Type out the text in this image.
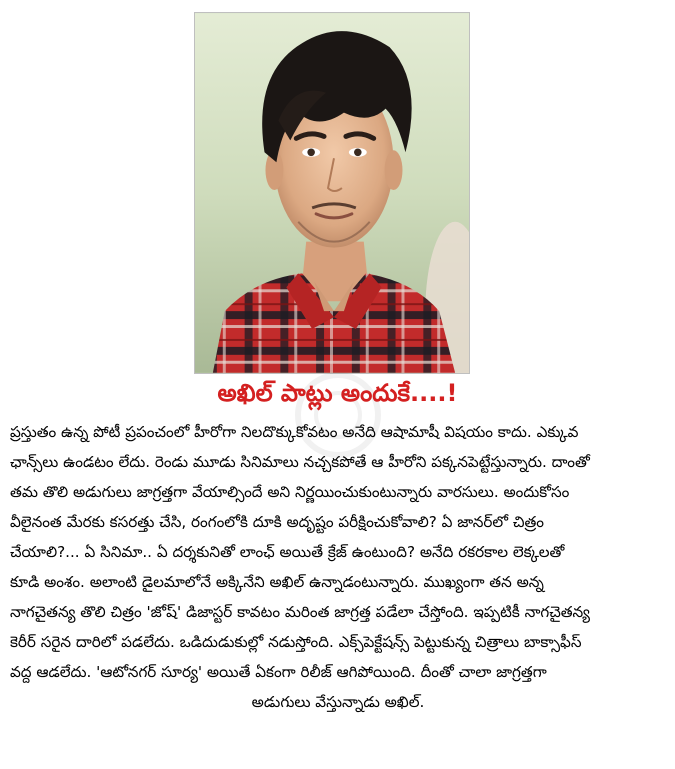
అఖిల్ పాట్లు అందుకే....!
ప్రస్తుతం ఉన్న పోటీ ప్రపంచంలో హీరోగా నిలదొక్కుకోవటం అనేది ఆషామాషీ విషయం కాదు. ఎక్కువ
ఛాన్స్‌లు ఉండటం లేదు. రెండు మూడు సినిమాలు నచ్చకపోతే ఆ హీరోని పక్కనపెట్టేస్తున్నారు. దాంతో
తమ తొలి అడుగులు జాగ్రత్తగా వేయాల్సిందే అని నిర్ణయించుకుంటున్నారు వారసులు. అందుకోసం
వీలైనంత మేరకు కసరత్తు చేసి, రంగంలోకి దూకి అదృష్టం పరీక్షించుకోవాలి? ఏ జానర్‌లో చిత్రం
చేయాలి?... ఏ సినిమా.. ఏ దర్శకునితో లాంఛ్ అయితే క్రేజ్ ఉంటుంది? అనేది రకరకాల లెక్కలతో
కూడి అంశం. అలాంటి డైలమాలోనే అక్కినేని అఖిల్ ఉన్నాడంటున్నారు. ముఖ్యంగా తన అన్న
నాగచైతన్య తొలి చిత్రం 'జోష్' డిజాస్టర్ కావటం మరింత జాగ్రత్త పడేలా చేస్తోంది. ఇప్పటికీ నాగచైతన్య
కెరీర్ సరైన దారిలో పడలేదు. ఒడిదుడుకుల్లో నడుస్తోంది. ఎక్స్‌పెక్టేషన్స్ పెట్టుకున్న చిత్రాలు బాక్సాఫీస్
వద్ద ఆడలేదు. 'ఆటోనగర్ సూర్య' అయితే ఏకంగా రిలీజ్ ఆగిపోయింది. దీంతో చాలా జాగ్రత్తగా
అడుగులు వేస్తున్నాడు అఖిల్.
